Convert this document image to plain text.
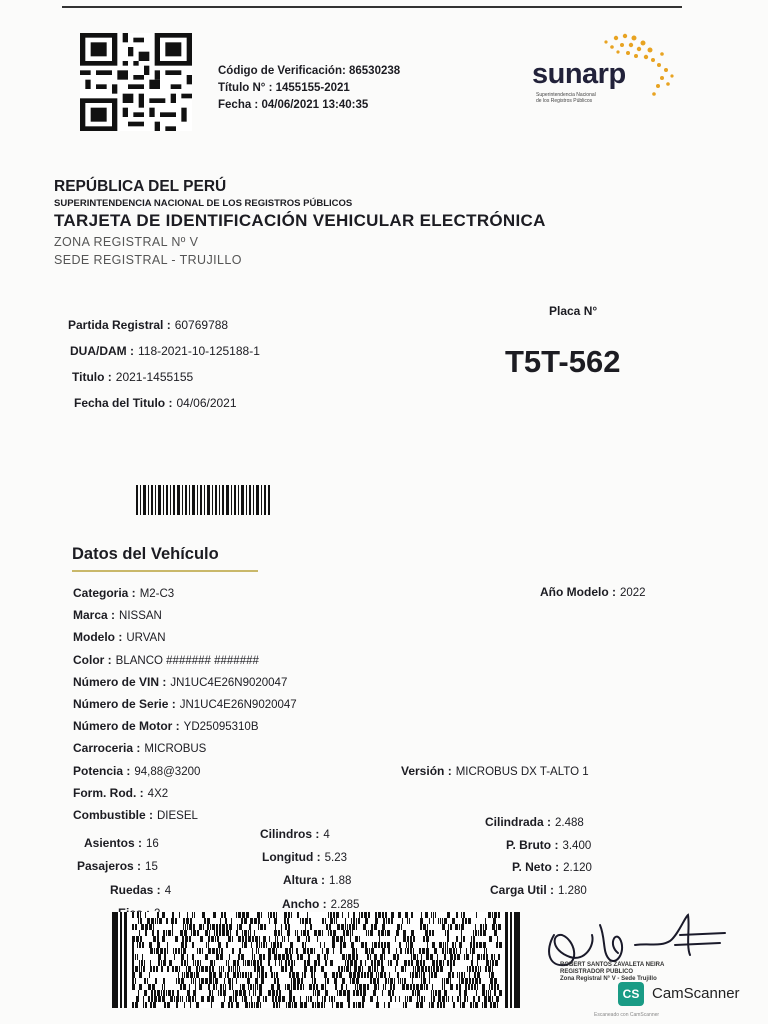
Código de Verificación: 86530238
Título N° : 1455155-2021
Fecha : 04/06/2021 13:40:35
sunarp
Superintendencia Nacional
de los Registros Públicos
REPÚBLICA DEL PERÚ
SUPERINTENDENCIA NACIONAL DE LOS REGISTROS PÚBLICOS
TARJETA DE IDENTIFICACIÓN VEHICULAR ELECTRÓNICA
ZONA REGISTRAL Nº V
SEDE REGISTRAL - TRUJILLO
Partida Registral : 60769788
DUA/DAM : 118-2021-10-125188-1
Titulo : 2021-1455155
Fecha del Titulo : 04/06/2021
Placa N°
T5T-562
Datos del Vehículo
Categoria : M2-C3
Marca : NISSAN
Modelo : URVAN
Color : BLANCO ####### #######
Número de VIN : JN1UC4E26N9020047
Número de Serie : JN1UC4E26N9020047
Número de Motor : YD25095310B
Carroceria : MICROBUS
Potencia : 94,88@3200
Form. Rod. : 4X2
Combustible : DIESEL
Año Modelo : 2022
Versión : MICROBUS DX T-ALTO 1
Asientos : 16
Pasajeros : 15
Ruedas : 4
Cilindros : 4
Longitud : 5.23
Altura : 1.88
Ancho : 2.285
Cilindrada : 2.488
P. Bruto : 3.400
P. Neto : 2.120
Carga Util : 1.280
ROBERT SANTOS ZAVALETA NEIRA
REGISTRADOR PUBLICO
Zona Registral N° V - Sede Trujillo
CS CamScanner
Escaneado con CamScanner
